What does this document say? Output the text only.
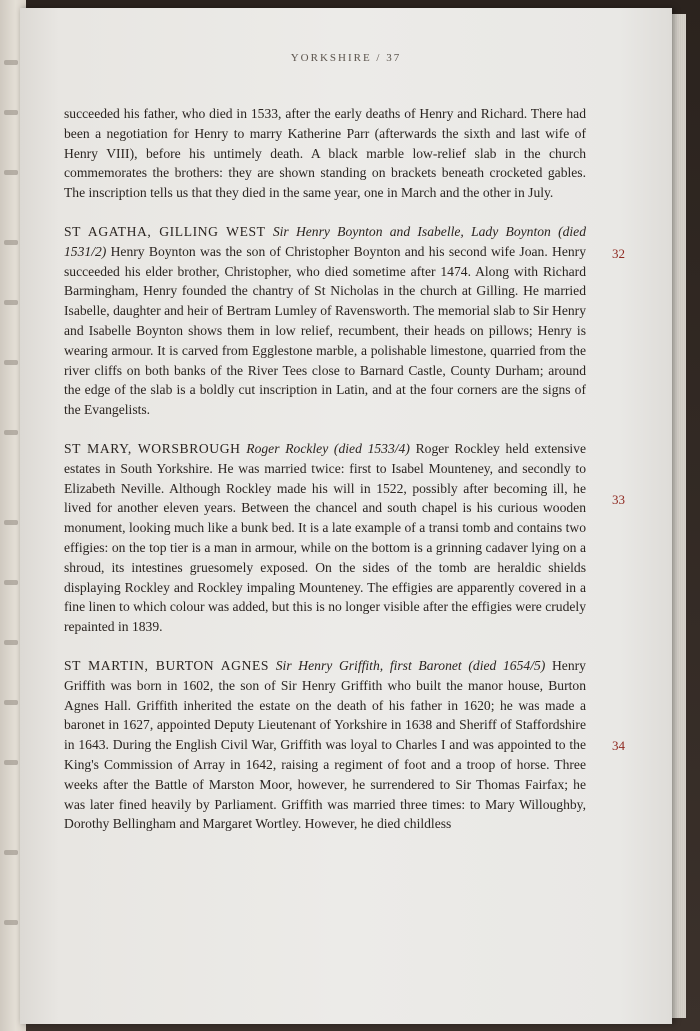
YORKSHIRE / 37

succeeded his father, who died in 1533, after the early deaths of Henry and Richard. There had been a negotiation for Henry to marry Katherine Parr (afterwards the sixth and last wife of Henry VIII), before his untimely death. A black marble low-relief slab in the church commemorates the brothers: they are shown standing on brackets beneath crocketed gables. The inscription tells us that they died in the same year, one in March and the other in July.

ST AGATHA, GILLING WEST Sir Henry Boynton and Isabelle, Lady Boynton (died 1531/2) Henry Boynton was the son of Christopher Boynton and his second wife Joan. Henry succeeded his elder brother, Christopher, who died sometime after 1474. Along with Richard Barmingham, Henry founded the chantry of St Nicholas in the church at Gilling. He married Isabelle, daughter and heir of Bertram Lumley of Ravensworth. The memorial slab to Sir Henry and Isabelle Boynton shows them in low relief, recumbent, their heads on pillows; Henry is wearing armour. It is carved from Egglestone marble, a polishable limestone, quarried from the river cliffs on both banks of the River Tees close to Barnard Castle, County Durham; around the edge of the slab is a boldly cut inscription in Latin, and at the four corners are the signs of the Evangelists.

ST MARY, WORSBROUGH Roger Rockley (died 1533/4) Roger Rockley held extensive estates in South Yorkshire. He was married twice: first to Isabel Mounteney, and secondly to Elizabeth Neville. Although Rockley made his will in 1522, possibly after becoming ill, he lived for another eleven years. Between the chancel and south chapel is his curious wooden monument, looking much like a bunk bed. It is a late example of a transi tomb and contains two effigies: on the top tier is a man in armour, while on the bottom is a grinning cadaver lying on a shroud, its intestines gruesomely exposed. On the sides of the tomb are heraldic shields displaying Rockley and Rockley impaling Mounteney. The effigies are apparently covered in a fine linen to which colour was added, but this is no longer visible after the effigies were crudely repainted in 1839.

ST MARTIN, BURTON AGNES Sir Henry Griffith, first Baronet (died 1654/5) Henry Griffith was born in 1602, the son of Sir Henry Griffith who built the manor house, Burton Agnes Hall. Griffith inherited the estate on the death of his father in 1620; he was made a baronet in 1627, appointed Deputy Lieutenant of Yorkshire in 1638 and Sheriff of Staffordshire in 1643. During the English Civil War, Griffith was loyal to Charles I and was appointed to the King's Commission of Array in 1642, raising a regiment of foot and a troop of horse. Three weeks after the Battle of Marston Moor, however, he surrendered to Sir Thomas Fairfax; he was later fined heavily by Parliament. Griffith was married three times: to Mary Willoughby, Dorothy Bellingham and Margaret Wortley. However, he died childless

32
33
34
